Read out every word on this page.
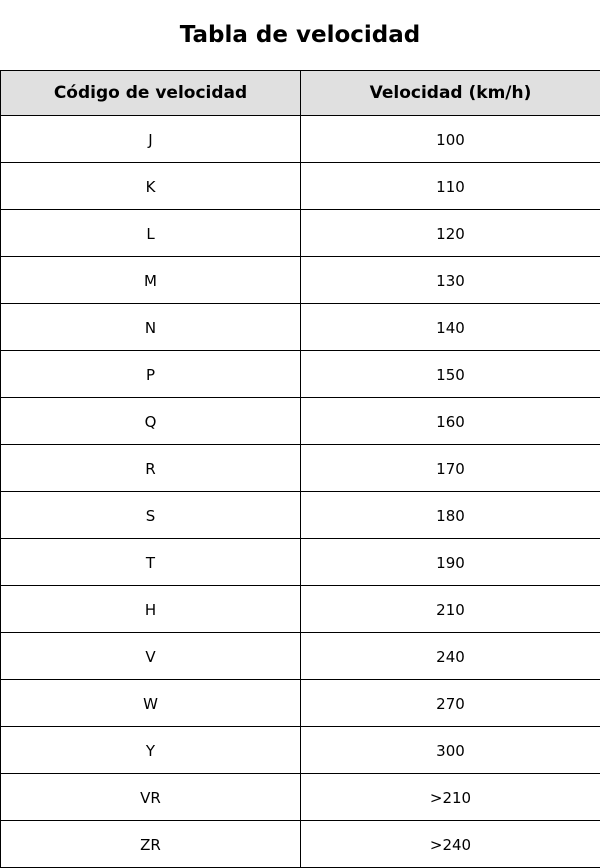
Tabla de velocidad
Código de velocidad	Velocidad (km/h)
J	100
K	110
L	120
M	130
N	140
P	150
Q	160
R	170
S	180
T	190
H	210
V	240
W	270
Y	300
VR	>210
ZR	>240
